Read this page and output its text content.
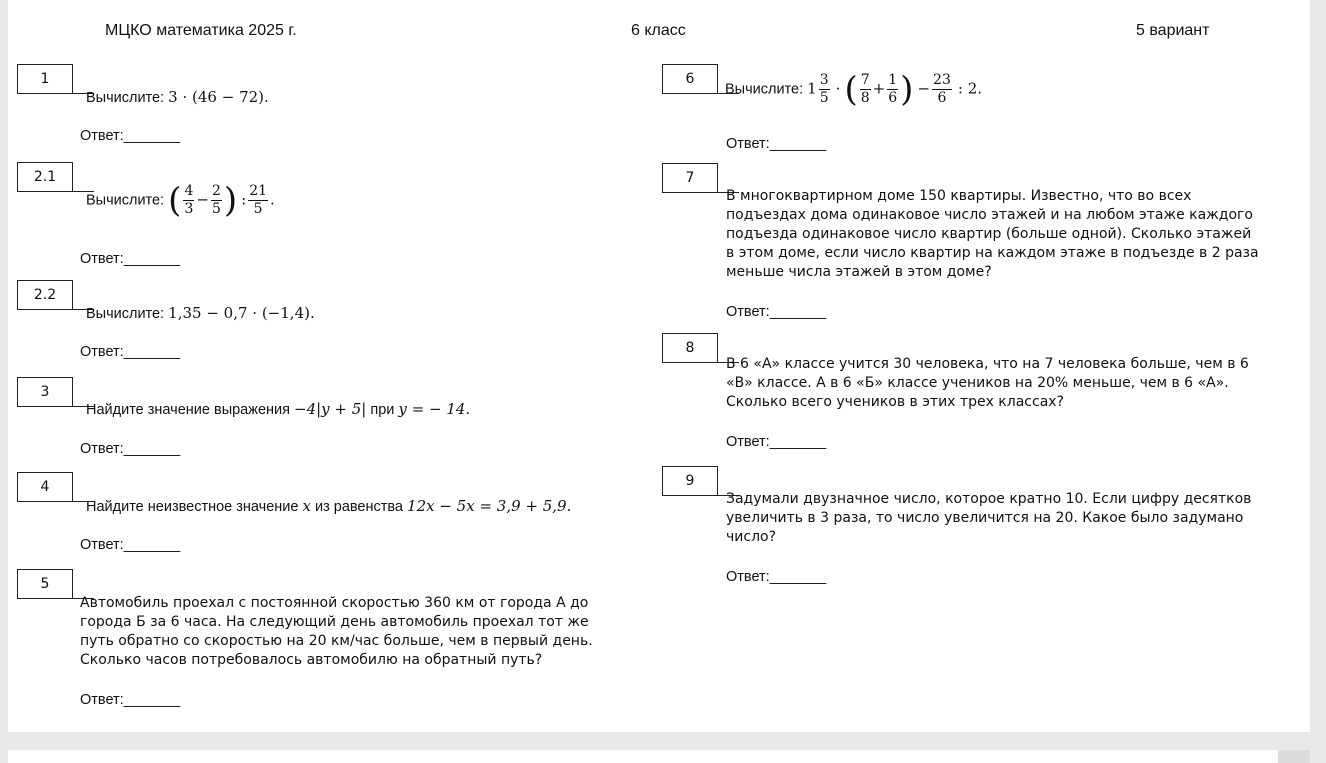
МЦКО математика 2025 г.	6 класс	5 вариант
1
Вычислите: 3 · (46 − 72).
Ответ:_______
2.1
Вычислите: ( $\frac{4}{3} - \frac{2}{5}$ ) : $\frac{21}{5}$ .
Ответ:_______
2.2
Вычислите: 1,35 − 0,7 · (−1,4).
Ответ:_______
3
Найдите значение выражения −4|y + 5| при y = − 14.
Ответ:_______
4
Найдите неизвестное значение x из равенства 12x − 5x = 3,9 + 5,9.
Ответ:_______
5
Автомобиль проехал с постоянной скоростью 360 км от города А до
города Б за 6 часа. На следующий день автомобиль проехал тот же
путь обратно со скоростью на 20 км/час больше, чем в первый день.
Сколько часов потребовалось автомобилю на обратный путь?
Ответ:_______
6
Вычислите: $1 \frac{3}{5}$ · ( $\frac{7}{8} + \frac{1}{6}$ ) − $\frac{23}{6}$ : 2.
Ответ:_______
7
В многоквартирном доме 150 квартиры. Известно, что во всех
подъездах дома одинаковое число этажей и на любом этаже каждого
подъезда одинаковое число квартир (больше одной). Сколько этажей
в этом доме, если число квартир на каждом этаже в подъезде в 2 раза
меньше числа этажей в этом доме?
Ответ:_______
8
В 6 «А» классе учится 30 человека, что на 7 человека больше, чем в 6
«В» классе. А в 6 «Б» классе учеников на 20% меньше, чем в 6 «А».
Сколько всего учеников в этих трех классах?
Ответ:_______
9
Задумали двузначное число, которое кратно 10. Если цифру десятков
увеличить в 3 раза, то число увеличится на 20. Какое было задумано
число?
Ответ:_______
